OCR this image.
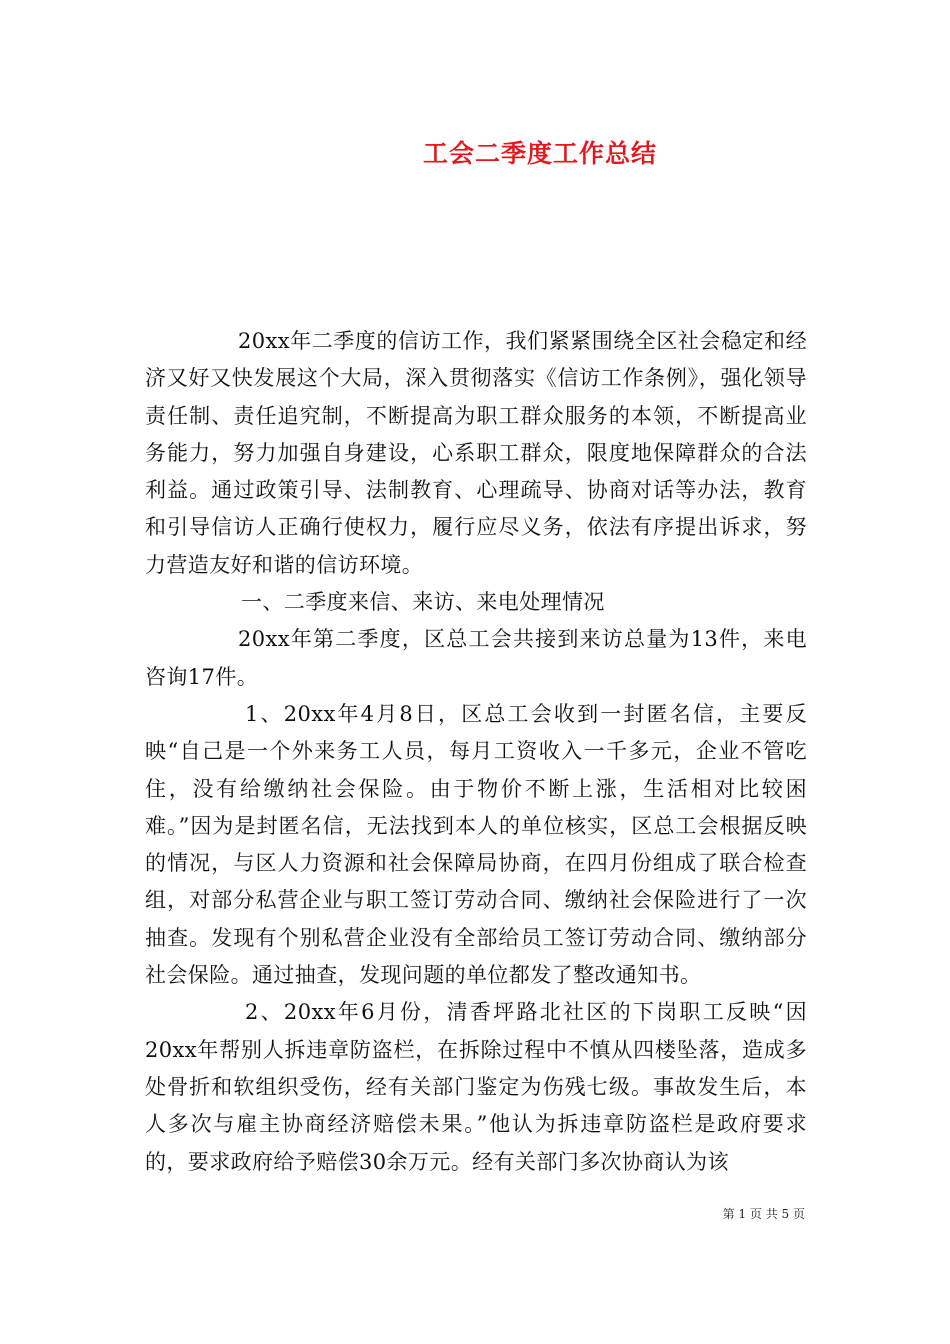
工会二季度工作总结

20xx年二季度的信访工作，我们紧紧围绕全区社会稳定和经济又好又快发展这个大局，深入贯彻落实《信访工作条例》，强化领导责任制、责任追究制，不断提高为职工群众服务的本领，不断提高业务能力，努力加强自身建设，心系职工群众，限度地保障群众的合法利益。通过政策引导、法制教育、心理疏导、协商对话等办法，教育和引导信访人正确行使权力，履行应尽义务，依法有序提出诉求，努力营造友好和谐的信访环境。

一、二季度来信、来访、来电处理情况

20xx年第二季度，区总工会共接到来访总量为13件，来电咨询17件。

1、20xx年4月8日，区总工会收到一封匿名信，主要反映“自己是一个外来务工人员，每月工资收入一千多元，企业不管吃住，没有给缴纳社会保险。由于物价不断上涨，生活相对比较困难。”因为是封匿名信，无法找到本人的单位核实，区总工会根据反映的情况，与区人力资源和社会保障局协商，在四月份组成了联合检查组，对部分私营企业与职工签订劳动合同、缴纳社会保险进行了一次抽查。发现有个别私营企业没有全部给员工签订劳动合同、缴纳部分社会保险。通过抽查，发现问题的单位都发了整改通知书。

2、20xx年6月份，清香坪路北社区的下岗职工反映“因20xx年帮别人拆违章防盗栏，在拆除过程中不慎从四楼坠落，造成多处骨折和软组织受伤，经有关部门鉴定为伤残七级。事故发生后，本人多次与雇主协商经济赔偿未果。”他认为拆违章防盗栏是政府要求的，要求政府给予赔偿30余万元。经有关部门多次协商认为该

第 1 页 共 5 页
